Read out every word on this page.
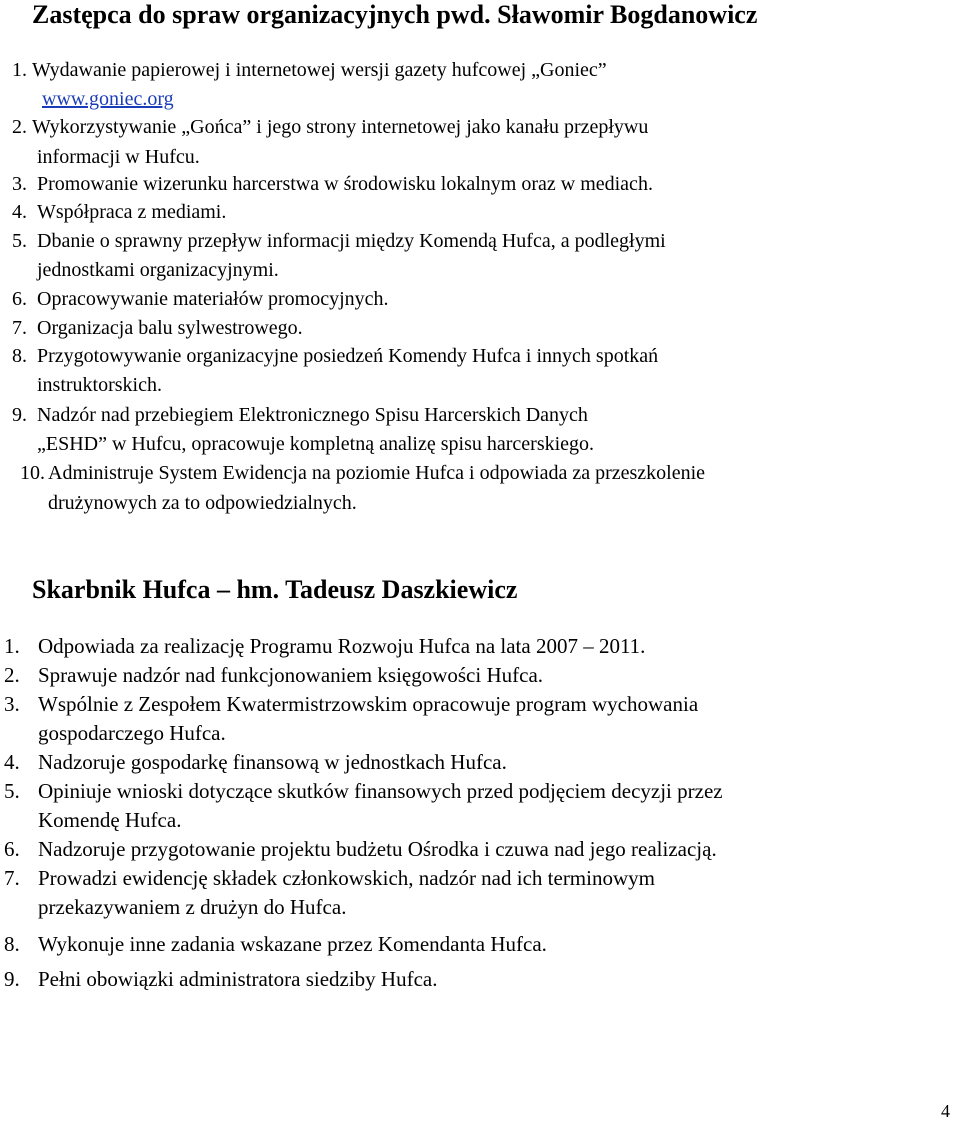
Zastępca do spraw organizacyjnych pwd. Sławomir Bogdanowicz
1. Wydawanie papierowej i internetowej wersji gazety hufcowej „Goniec”
www.goniec.org
2. Wykorzystywanie „Gońca” i jego strony internetowej jako kanału przepływu
informacji w Hufcu.
3. Promowanie wizerunku harcerstwa w środowisku lokalnym oraz w mediach.
4. Współpraca z mediami.
5. Dbanie o sprawny przepływ informacji między Komendą Hufca, a podległymi
jednostkami organizacyjnymi.
6. Opracowywanie materiałów promocyjnych.
7. Organizacja balu sylwestrowego.
8. Przygotowywanie organizacyjne posiedzeń Komendy Hufca i innych spotkań
instruktorskich.
9. Nadzór nad przebiegiem Elektronicznego Spisu Harcerskich Danych
„ESHD” w Hufcu, opracowuje kompletną analizę spisu harcerskiego.
10. Administruje System Ewidencja na poziomie Hufca i odpowiada za przeszkolenie
drużynowych za to odpowiedzialnych.
Skarbnik Hufca – hm. Tadeusz Daszkiewicz
1. Odpowiada za realizację Programu Rozwoju Hufca na lata 2007 – 2011.
2. Sprawuje nadzór nad funkcjonowaniem księgowości Hufca.
3. Wspólnie z Zespołem Kwatermistrzowskim opracowuje program wychowania
gospodarczego Hufca.
4. Nadzoruje gospodarkę finansową w jednostkach Hufca.
5. Opiniuje wnioski dotyczące skutków finansowych przed podjęciem decyzji przez
Komendę Hufca.
6. Nadzoruje przygotowanie projektu budżetu Ośrodka i czuwa nad jego realizacją.
7. Prowadzi ewidencję składek członkowskich, nadzór nad ich terminowym
przekazywaniem z drużyn do Hufca.
8. Wykonuje inne zadania wskazane przez Komendanta Hufca.
9. Pełni obowiązki administratora siedziby Hufca.
4
